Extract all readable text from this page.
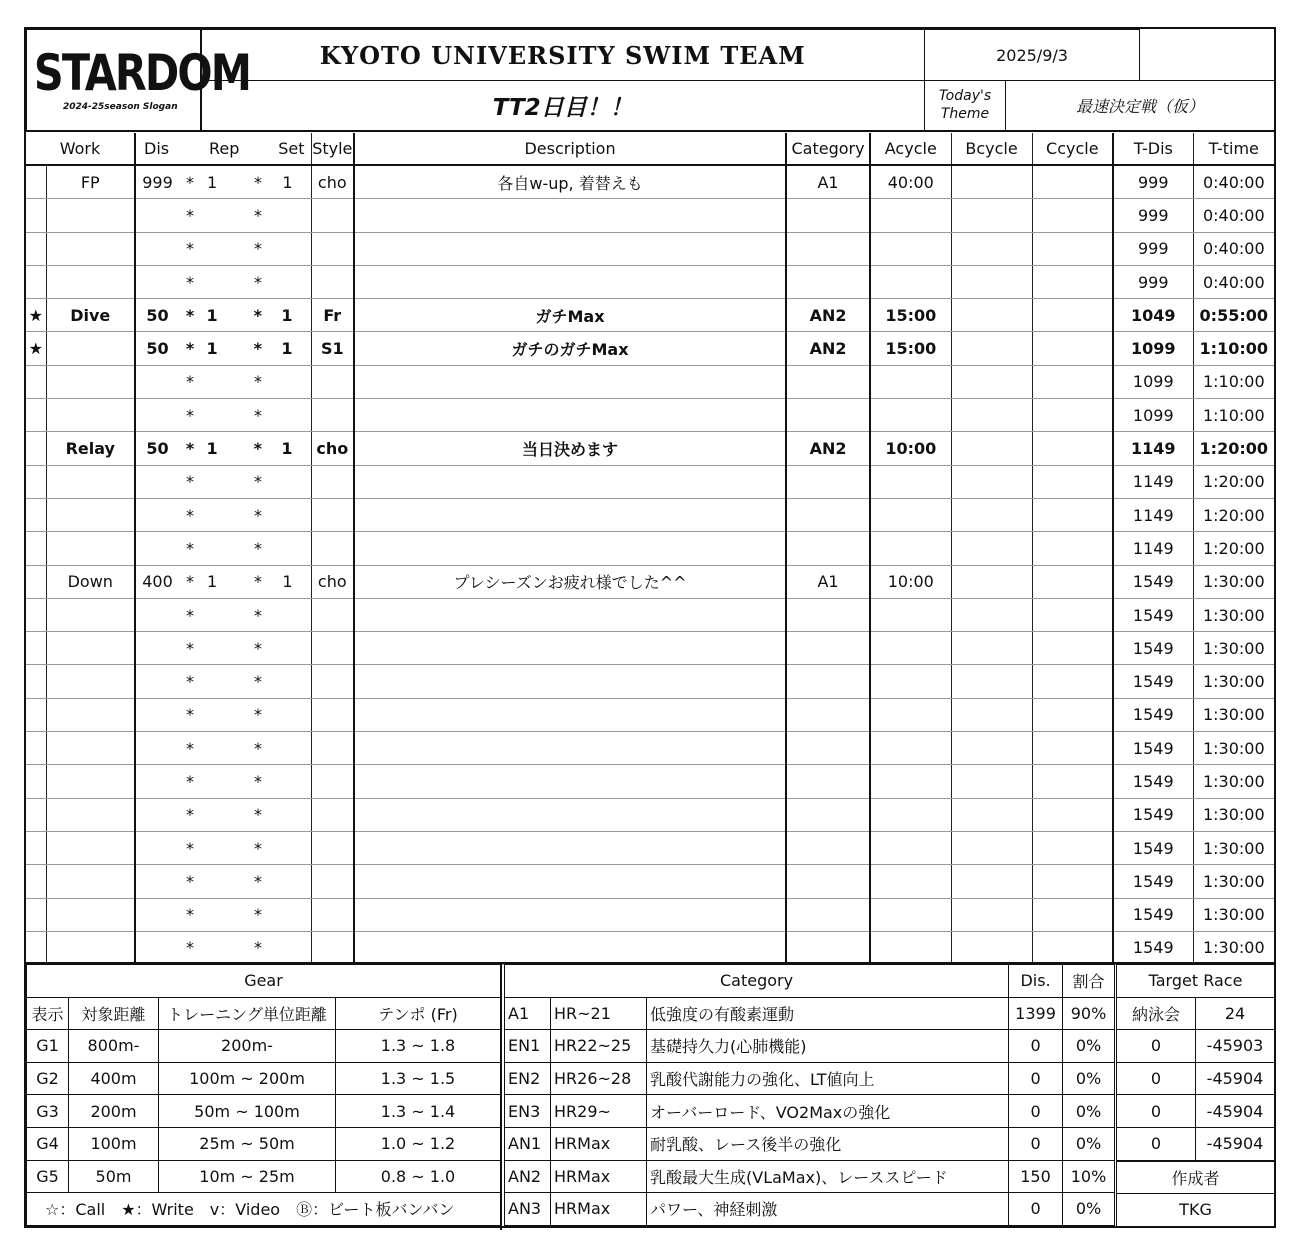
STARDOM
2024-25season Slogan
	KYOTO UNIVERSITY SWIM TEAM	2025/9/3	

TT2日目！！	Today's
Theme	最速決定戦（仮）
Work		Dis		Rep		Set	Style	Description	Category	Acycle	Bcycle	Ccycle	T-Dis	T-time
	FP	999	*	1	*	1	cho	各自w-up, 着替えも	A1	40:00			999	0:40:00
			*		*								999	0:40:00
			*		*								999	0:40:00
			*		*								999	0:40:00
★	Dive	50	*	1	*	1	Fr	ガチMax	AN2	15:00			1049	0:55:00
★		50	*	1	*	1	S1	ガチのガチMax	AN2	15:00			1099	1:10:00
			*		*								1099	1:10:00
			*		*								1099	1:10:00
	Relay	50	*	1	*	1	cho	当日決めます	AN2	10:00			1149	1:20:00
			*		*								1149	1:20:00
			*		*								1149	1:20:00
			*		*								1149	1:20:00
	Down	400	*	1	*	1	cho	プレシーズンお疲れ様でした^^	A1	10:00			1549	1:30:00
			*		*								1549	1:30:00
			*		*								1549	1:30:00
			*		*								1549	1:30:00
			*		*								1549	1:30:00
			*		*								1549	1:30:00
			*		*								1549	1:30:00
			*		*								1549	1:30:00
			*		*								1549	1:30:00
			*		*								1549	1:30:00
			*		*								1549	1:30:00
			*		*								1549	1:30:00
Gear			
表示	対象距離	トレーニング単位距離	テンポ (Fr)
G1	800m-	200m-	1.3 ~ 1.8
G2	400m	100m ~ 200m	1.3 ~ 1.5
G3	200m	50m ~ 100m	1.3 ~ 1.4
G4	100m	25m ~ 50m	1.0 ~ 1.2
G5	50m	10m ~ 25m	0.8 ~ 1.0
☆：Call　★：Write　v：Video　Ⓑ：ビート板バンバン			
Category			Dis.	割合
A1	HR~21	低強度の有酸素運動	1399	90%
EN1	HR22~25	基礎持久力(心肺機能)	0	0%
EN2	HR26~28	乳酸代謝能力の強化、LT値向上	0	0%
EN3	HR29~	オーバーロード、VO2Maxの強化	0	0%
AN1	HRMax	耐乳酸、レース後半の強化	0	0%
AN2	HRMax	乳酸最大生成(VLaMax)、レーススピード	150	10%
AN3	HRMax	パワー、神経刺激	0	0%
Target Race	
納泳会	24
0	-45903
0	-45904
0	-45904
0	-45904
作成者	
TKG	
